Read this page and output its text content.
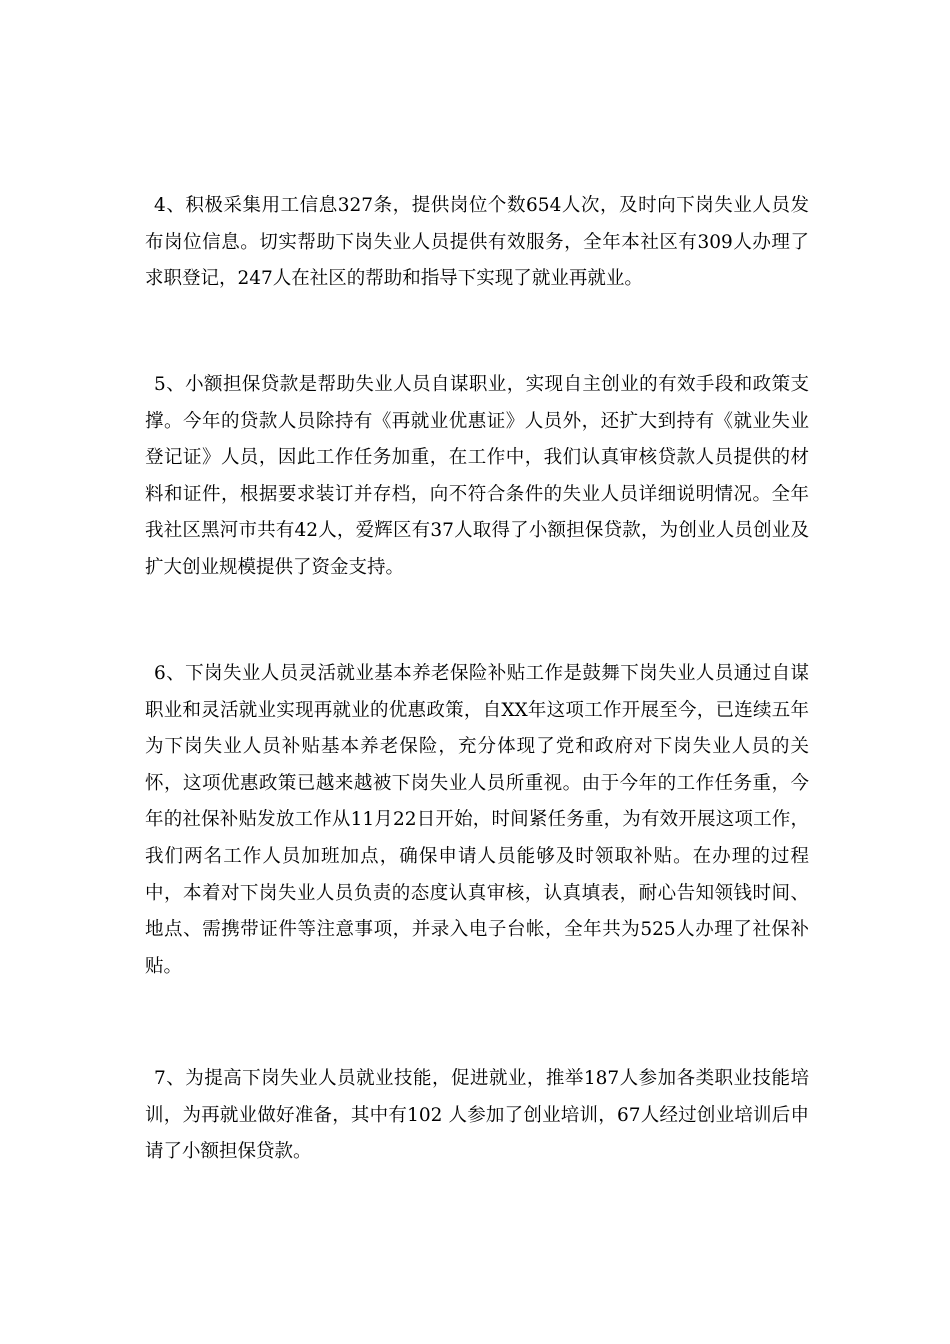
4、积极采集用工信息327条，提供岗位个数654人次，及时向下岗失业人员发布岗位信息。切实帮助下岗失业人员提供有效服务，全年本社区有309人办理了求职登记，247人在社区的帮助和指导下实现了就业再就业。

5、小额担保贷款是帮助失业人员自谋职业，实现自主创业的有效手段和政策支撑。今年的贷款人员除持有《再就业优惠证》人员外，还扩大到持有《就业失业登记证》人员，因此工作任务加重，在工作中，我们认真审核贷款人员提供的材料和证件，根据要求装订并存档，向不符合条件的失业人员详细说明情况。全年我社区黑河市共有42人，爱辉区有37人取得了小额担保贷款，为创业人员创业及扩大创业规模提供了资金支持。

6、下岗失业人员灵活就业基本养老保险补贴工作是鼓舞下岗失业人员通过自谋职业和灵活就业实现再就业的优惠政策，自XX年这项工作开展至今，已连续五年为下岗失业人员补贴基本养老保险，充分体现了党和政府对下岗失业人员的关怀，这项优惠政策已越来越被下岗失业人员所重视。由于今年的工作任务重，今年的社保补贴发放工作从11月22日开始，时间紧任务重，为有效开展这项工作，我们两名工作人员加班加点，确保申请人员能够及时领取补贴。在办理的过程中，本着对下岗失业人员负责的态度认真审核，认真填表，耐心告知领钱时间、地点、需携带证件等注意事项，并录入电子台帐，全年共为525人办理了社保补贴。

7、为提高下岗失业人员就业技能，促进就业，推举187人参加各类职业技能培训，为再就业做好准备，其中有102 人参加了创业培训，67人经过创业培训后申请了小额担保贷款。
